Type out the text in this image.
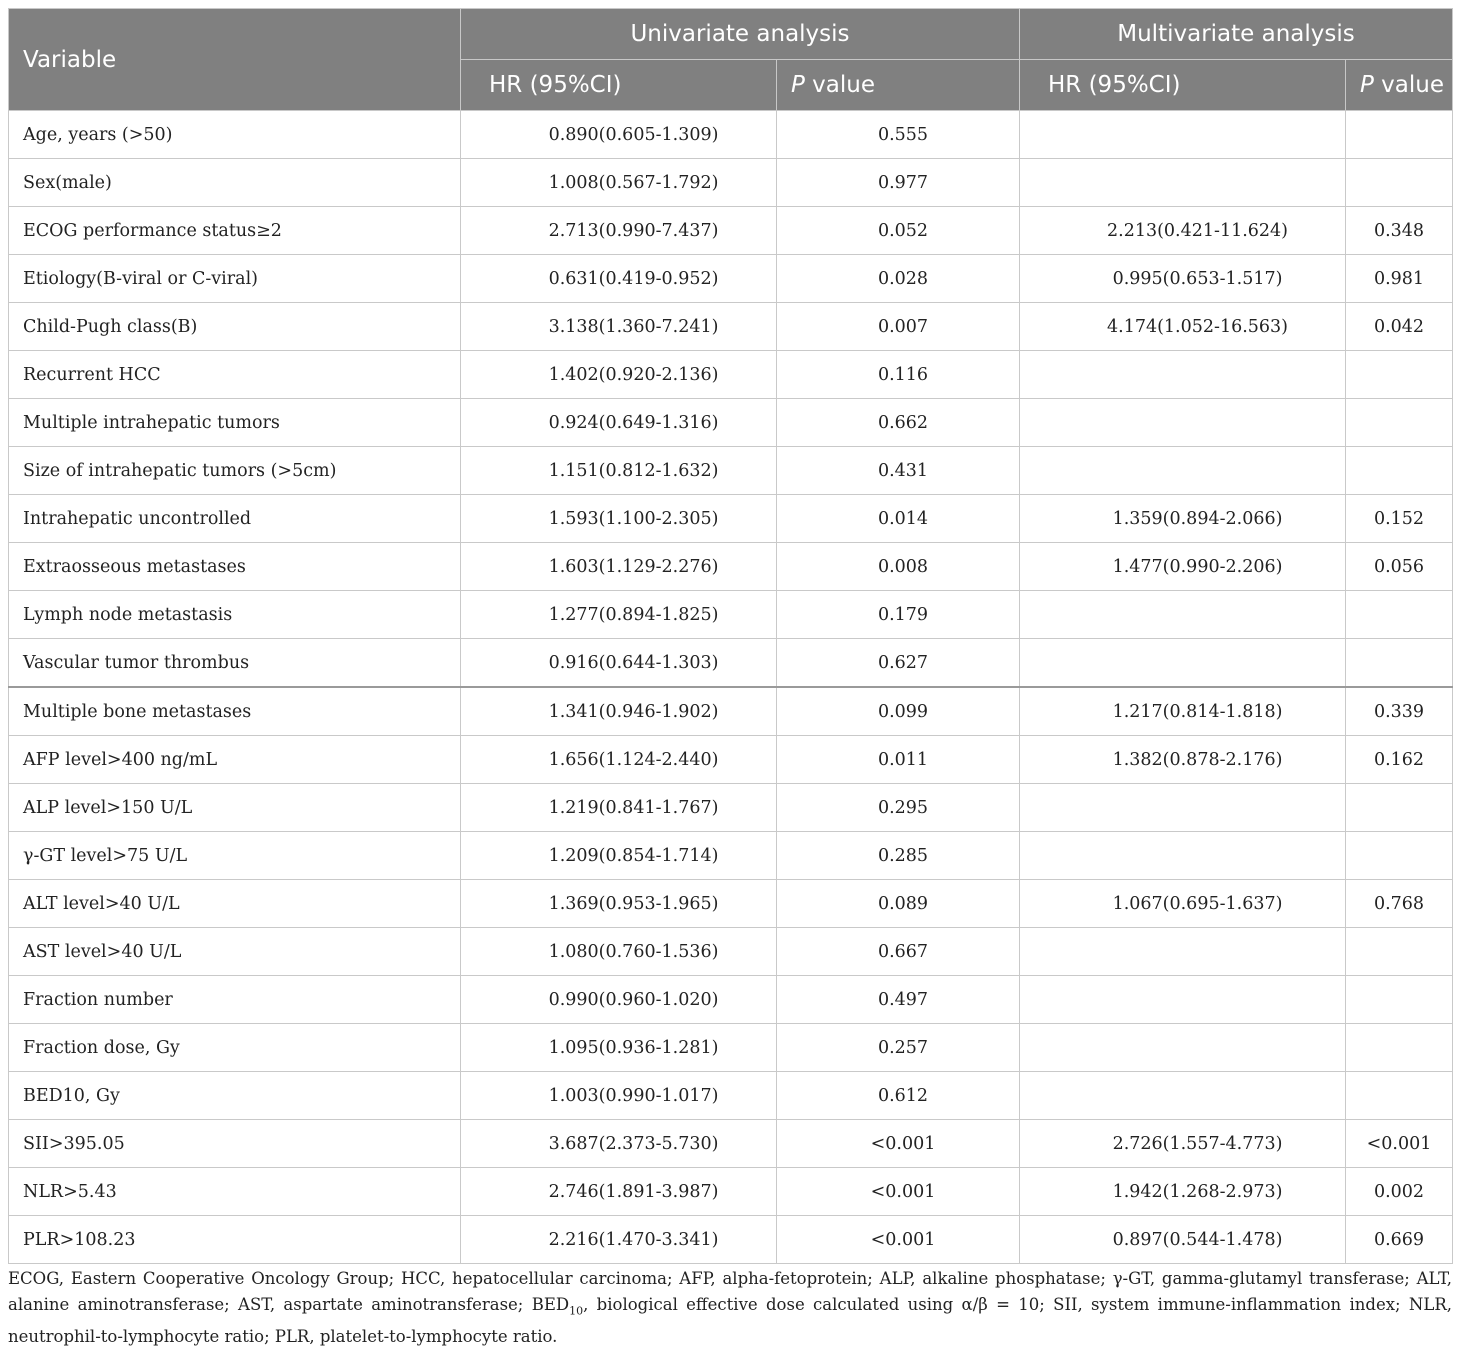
Variable	Univariate analysis		Multivariate analysis	
	HR (95%CI)	P value	HR (95%CI)	P value
Age, years (>50)	0.890(0.605-1.309)	0.555		
Sex(male)	1.008(0.567-1.792)	0.977		
ECOG performance status≥2	2.713(0.990-7.437)	0.052	2.213(0.421-11.624)	0.348
Etiology(B-viral or C-viral)	0.631(0.419-0.952)	0.028	0.995(0.653-1.517)	0.981
Child-Pugh class(B)	3.138(1.360-7.241)	0.007	4.174(1.052-16.563)	0.042
Recurrent HCC	1.402(0.920-2.136)	0.116		
Multiple intrahepatic tumors	0.924(0.649-1.316)	0.662		
Size of intrahepatic tumors (>5cm)	1.151(0.812-1.632)	0.431		
Intrahepatic uncontrolled	1.593(1.100-2.305)	0.014	1.359(0.894-2.066)	0.152
Extraosseous metastases	1.603(1.129-2.276)	0.008	1.477(0.990-2.206)	0.056
Lymph node metastasis	1.277(0.894-1.825)	0.179		
Vascular tumor thrombus	0.916(0.644-1.303)	0.627		
Multiple bone metastases	1.341(0.946-1.902)	0.099	1.217(0.814-1.818)	0.339
AFP level>400 ng/mL	1.656(1.124-2.440)	0.011	1.382(0.878-2.176)	0.162
ALP level>150 U/L	1.219(0.841-1.767)	0.295		
γ-GT level>75 U/L	1.209(0.854-1.714)	0.285		
ALT level>40 U/L	1.369(0.953-1.965)	0.089	1.067(0.695-1.637)	0.768
AST level>40 U/L	1.080(0.760-1.536)	0.667		
Fraction number	0.990(0.960-1.020)	0.497		
Fraction dose, Gy	1.095(0.936-1.281)	0.257		
BED10, Gy	1.003(0.990-1.017)	0.612		
SII>395.05	3.687(2.373-5.730)	<0.001	2.726(1.557-4.773)	<0.001
NLR>5.43	2.746(1.891-3.987)	<0.001	1.942(1.268-2.973)	0.002
PLR>108.23	2.216(1.470-3.341)	<0.001	0.897(0.544-1.478)	0.669
ECOG, Eastern Cooperative Oncology Group; HCC, hepatocellular carcinoma; AFP, alpha-fetoprotein; ALP, alkaline phosphatase; γ-GT, gamma-glutamyl transferase; ALT, alanine aminotransferase; AST, aspartate aminotransferase; $BED_{10}$, biological effective dose calculated using α/β = 10; SII, system immune-inflammation index; NLR, neutrophil-to-lymphocyte ratio; PLR, platelet-to-lymphocyte ratio.
